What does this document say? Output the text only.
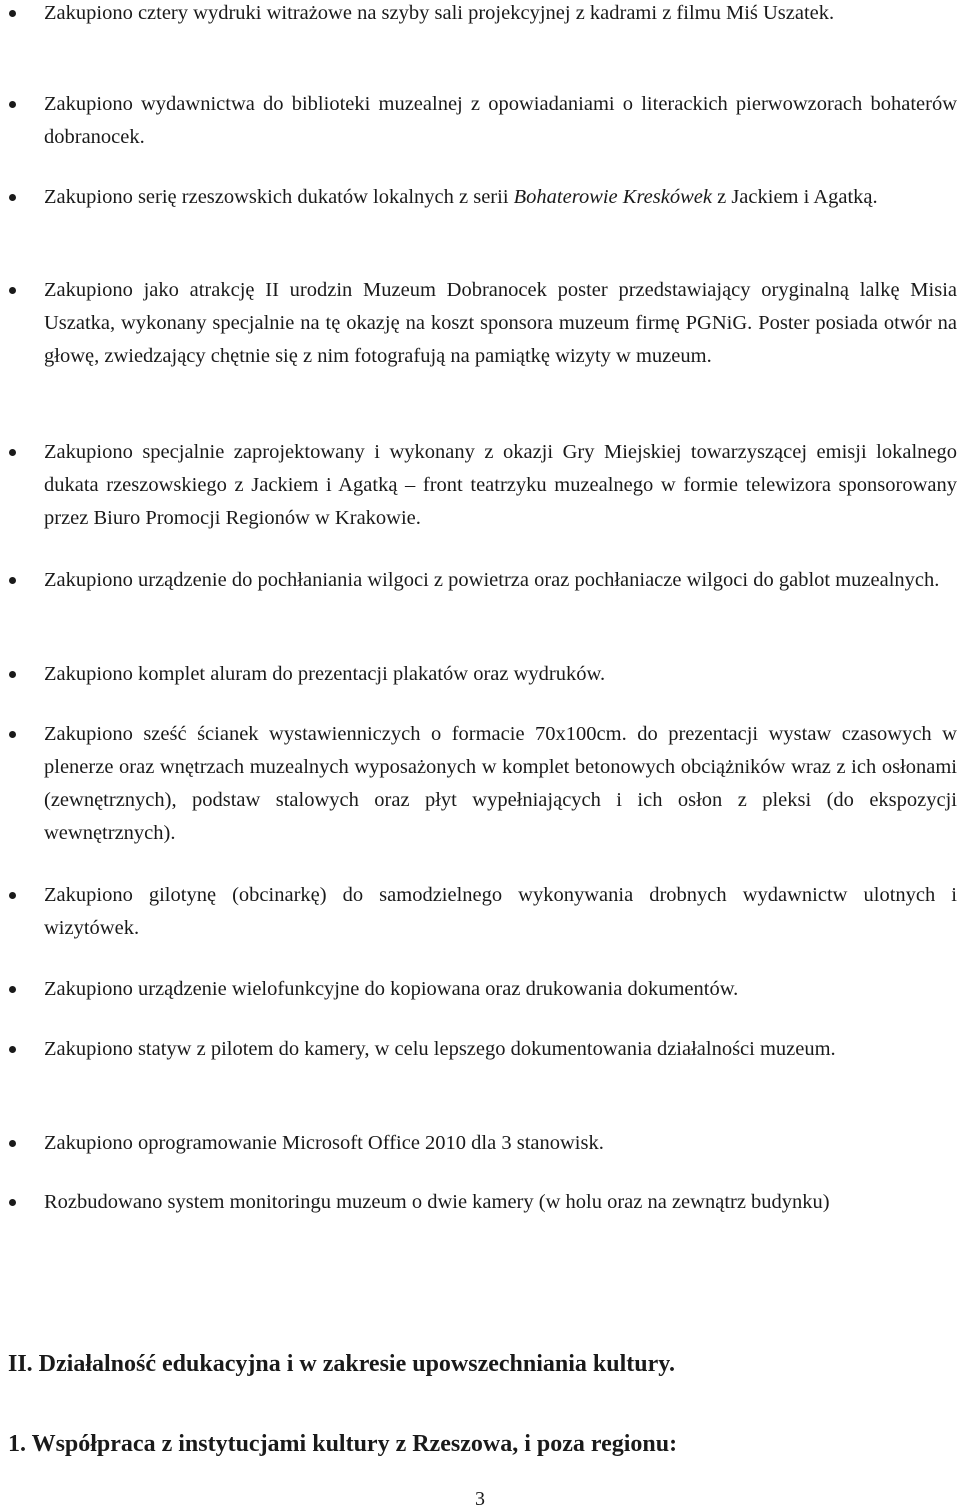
Zakupiono cztery wydruki witrażowe na szyby sali projekcyjnej z kadrami z filmu Miś Uszatek.

Zakupiono wydawnictwa do biblioteki muzealnej z opowiadaniami o literackich pierwowzorach bohaterów dobranocek.

Zakupiono serię rzeszowskich dukatów lokalnych z serii Bohaterowie Kreskówek z Jackiem i Agatką.

Zakupiono jako atrakcję II urodzin Muzeum Dobranocek poster przedstawiający oryginalną lalkę Misia Uszatka, wykonany specjalnie na tę okazję na koszt sponsora muzeum firmę PGNiG. Poster posiada otwór na głowę, zwiedzający chętnie się z nim fotografują na pamiątkę wizyty w muzeum.

Zakupiono specjalnie zaprojektowany i wykonany z okazji Gry Miejskiej towarzyszącej emisji lokalnego dukata rzeszowskiego z Jackiem i Agatką – front teatrzyku muzealnego w formie telewizora sponsorowany przez Biuro Promocji Regionów w Krakowie.

Zakupiono urządzenie do pochłaniania wilgoci z powietrza oraz pochłaniacze wilgoci do gablot muzealnych.

Zakupiono komplet aluram do prezentacji plakatów oraz wydruków.

Zakupiono sześć ścianek wystawienniczych o formacie 70x100cm. do prezentacji wystaw czasowych w plenerze oraz wnętrzach muzealnych wyposażonych w komplet betonowych obciążników wraz z ich osłonami (zewnętrznych), podstaw stalowych oraz płyt wypełniających i ich osłon z pleksi (do ekspozycji wewnętrznych).

Zakupiono gilotynę (obcinarkę) do samodzielnego wykonywania drobnych wydawnictw ulotnych i wizytówek.

Zakupiono urządzenie wielofunkcyjne do kopiowana oraz drukowania dokumentów.

Zakupiono statyw z pilotem do kamery, w celu lepszego dokumentowania działalności muzeum.

Zakupiono oprogramowanie Microsoft Office 2010 dla 3 stanowisk.

Rozbudowano system monitoringu muzeum o dwie kamery (w holu oraz na zewnątrz budynku)

II. Działalność edukacyjna i w zakresie upowszechniania kultury.
1. Współpraca z instytucjami kultury z Rzeszowa, i poza regionu:

3
